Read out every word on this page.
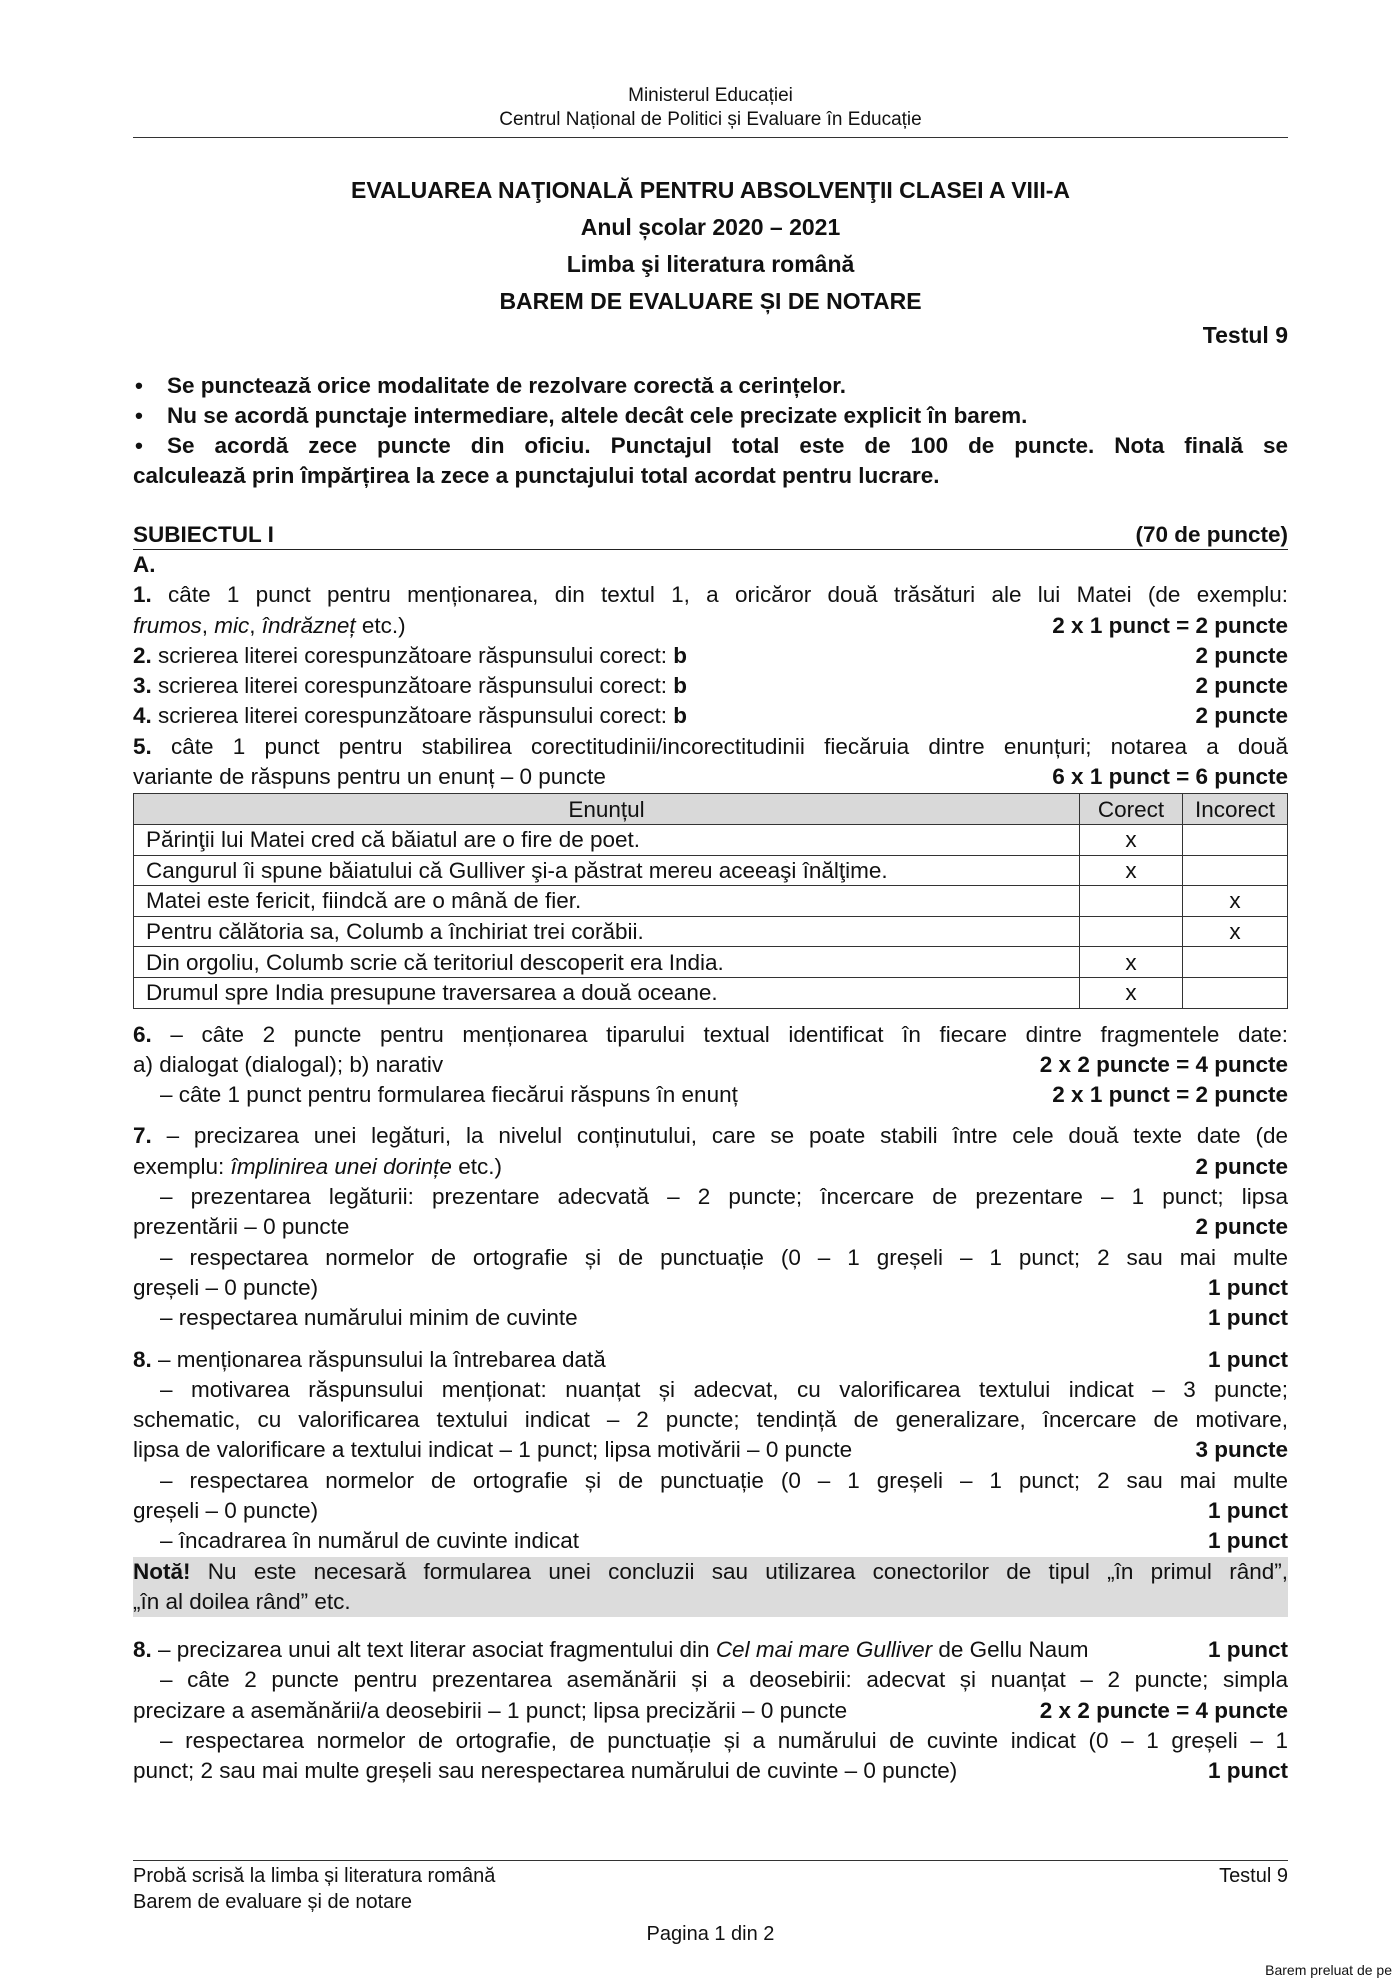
Ministerul Educației
Centrul Național de Politici și Evaluare în Educație
EVALUAREA NAŢIONALĂ PENTRU ABSOLVENŢII CLASEI A VIII-A
Anul școlar 2020 – 2021
Limba şi literatura română
BAREM DE EVALUARE ȘI DE NOTARE
Testul 9
•	Se punctează orice modalitate de rezolvare corectă a cerințelor.
•	Nu se acordă punctaje intermediare, altele decât cele precizate explicit în barem.
•	Se acordă zece puncte din oficiu. Punctajul total este de 100 de puncte. Nota finală se
calculează prin împărțirea la zece a punctajului total acordat pentru lucrare.
SUBIECTUL I	(70 de puncte)
A.
1. câte 1 punct pentru menționarea, din textul 1, a oricăror două trăsături ale lui Matei (de exemplu:
frumos, mic, îndrăzneț etc.)	2 x 1 punct = 2 puncte
2. scrierea literei corespunzătoare răspunsului corect: b	2 puncte
3. scrierea literei corespunzătoare răspunsului corect: b	2 puncte
4. scrierea literei corespunzătoare răspunsului corect: b	2 puncte
5. câte 1 punct pentru stabilirea corectitudinii/incorectitudinii fiecăruia dintre enunțuri; notarea a două
variante de răspuns pentru un enunț – 0 puncte	6 x 1 punct = 6 puncte
Enunțul	Corect	Incorect
Părinţii lui Matei cred că băiatul are o fire de poet.	x	
Cangurul îi spune băiatului că Gulliver şi-a păstrat mereu aceeaşi înălţime.	x	
Matei este fericit, fiindcă are o mână de fier.		x
Pentru călătoria sa, Columb a închiriat trei corăbii.		x
Din orgoliu, Columb scrie că teritoriul descoperit era India.	x	
Drumul spre India presupune traversarea a două oceane.	x	
6. – câte 2 puncte pentru menționarea tiparului textual identificat în fiecare dintre fragmentele date:
a) dialogat (dialogal); b) narativ	2 x 2 puncte = 4 puncte
– câte 1 punct pentru formularea fiecărui răspuns în enunț	2 x 1 punct = 2 puncte
7. – precizarea unei legături, la nivelul conținutului, care se poate stabili între cele două texte date (de
exemplu: împlinirea unei dorințe etc.)	2 puncte
– prezentarea legăturii: prezentare adecvată – 2 puncte; încercare de prezentare – 1 punct; lipsa
prezentării – 0 puncte	2 puncte
– respectarea normelor de ortografie și de punctuație (0 – 1 greșeli – 1 punct; 2 sau mai multe
greșeli – 0 puncte)	1 punct
– respectarea numărului minim de cuvinte	1 punct
8. – menționarea răspunsului la întrebarea dată	1 punct
– motivarea răspunsului menționat: nuanțat și adecvat, cu valorificarea textului indicat – 3 puncte;
schematic, cu valorificarea textului indicat – 2 puncte; tendință de generalizare, încercare de motivare,
lipsa de valorificare a textului indicat – 1 punct; lipsa motivării – 0 puncte	3 puncte
– respectarea normelor de ortografie și de punctuație (0 – 1 greșeli – 1 punct; 2 sau mai multe
greșeli – 0 puncte)	1 punct
– încadrarea în numărul de cuvinte indicat	1 punct
Notă! Nu este necesară formularea unei concluzii sau utilizarea conectorilor de tipul „în primul rând”,
„în al doilea rând” etc.
8. – precizarea unui alt text literar asociat fragmentului din Cel mai mare Gulliver de Gellu Naum	1 punct
– câte 2 puncte pentru prezentarea asemănării și a deosebirii: adecvat și nuanțat – 2 puncte; simpla
precizare a asemănării/a deosebirii – 1 punct; lipsa precizării – 0 puncte	2 x 2 puncte = 4 puncte
– respectarea normelor de ortografie, de punctuație și a numărului de cuvinte indicat (0 – 1 greșeli – 1
punct; 2 sau mai multe greșeli sau nerespectarea numărului de cuvinte – 0 puncte)	1 punct
Probă scrisă la limba și literatura română	Testul 9
Barem de evaluare și de notare
Pagina 1 din 2
Barem preluat de pe
